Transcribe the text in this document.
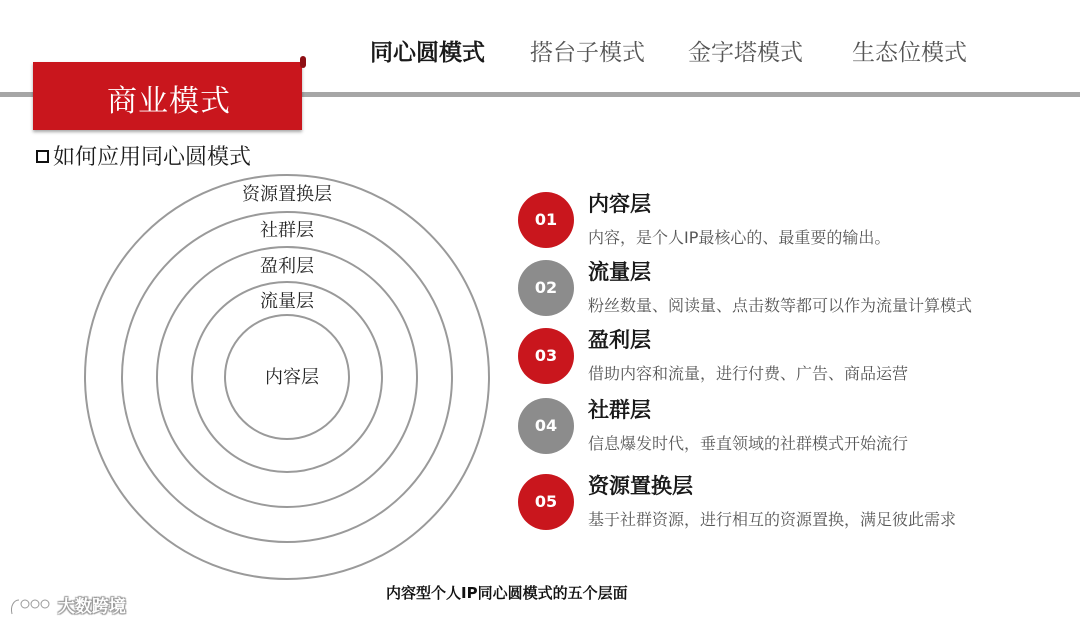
同心圆模式 搭台子模式 金字塔模式 生态位模式
商业模式
如何应用同心圆模式
资源置换层
社群层
盈利层
流量层
内容层
01
内容层
内容，是个人IP最核心的、最重要的输出。
02
流量层
粉丝数量、阅读量、点击数等都可以作为流量计算模式
03
盈利层
借助内容和流量，进行付费、广告、商品运营
04
社群层
信息爆发时代，垂直领域的社群模式开始流行
05
资源置换层
基于社群资源，进行相互的资源置换，满足彼此需求
内容型个人IP同心圆模式的五个层面
大数跨境
